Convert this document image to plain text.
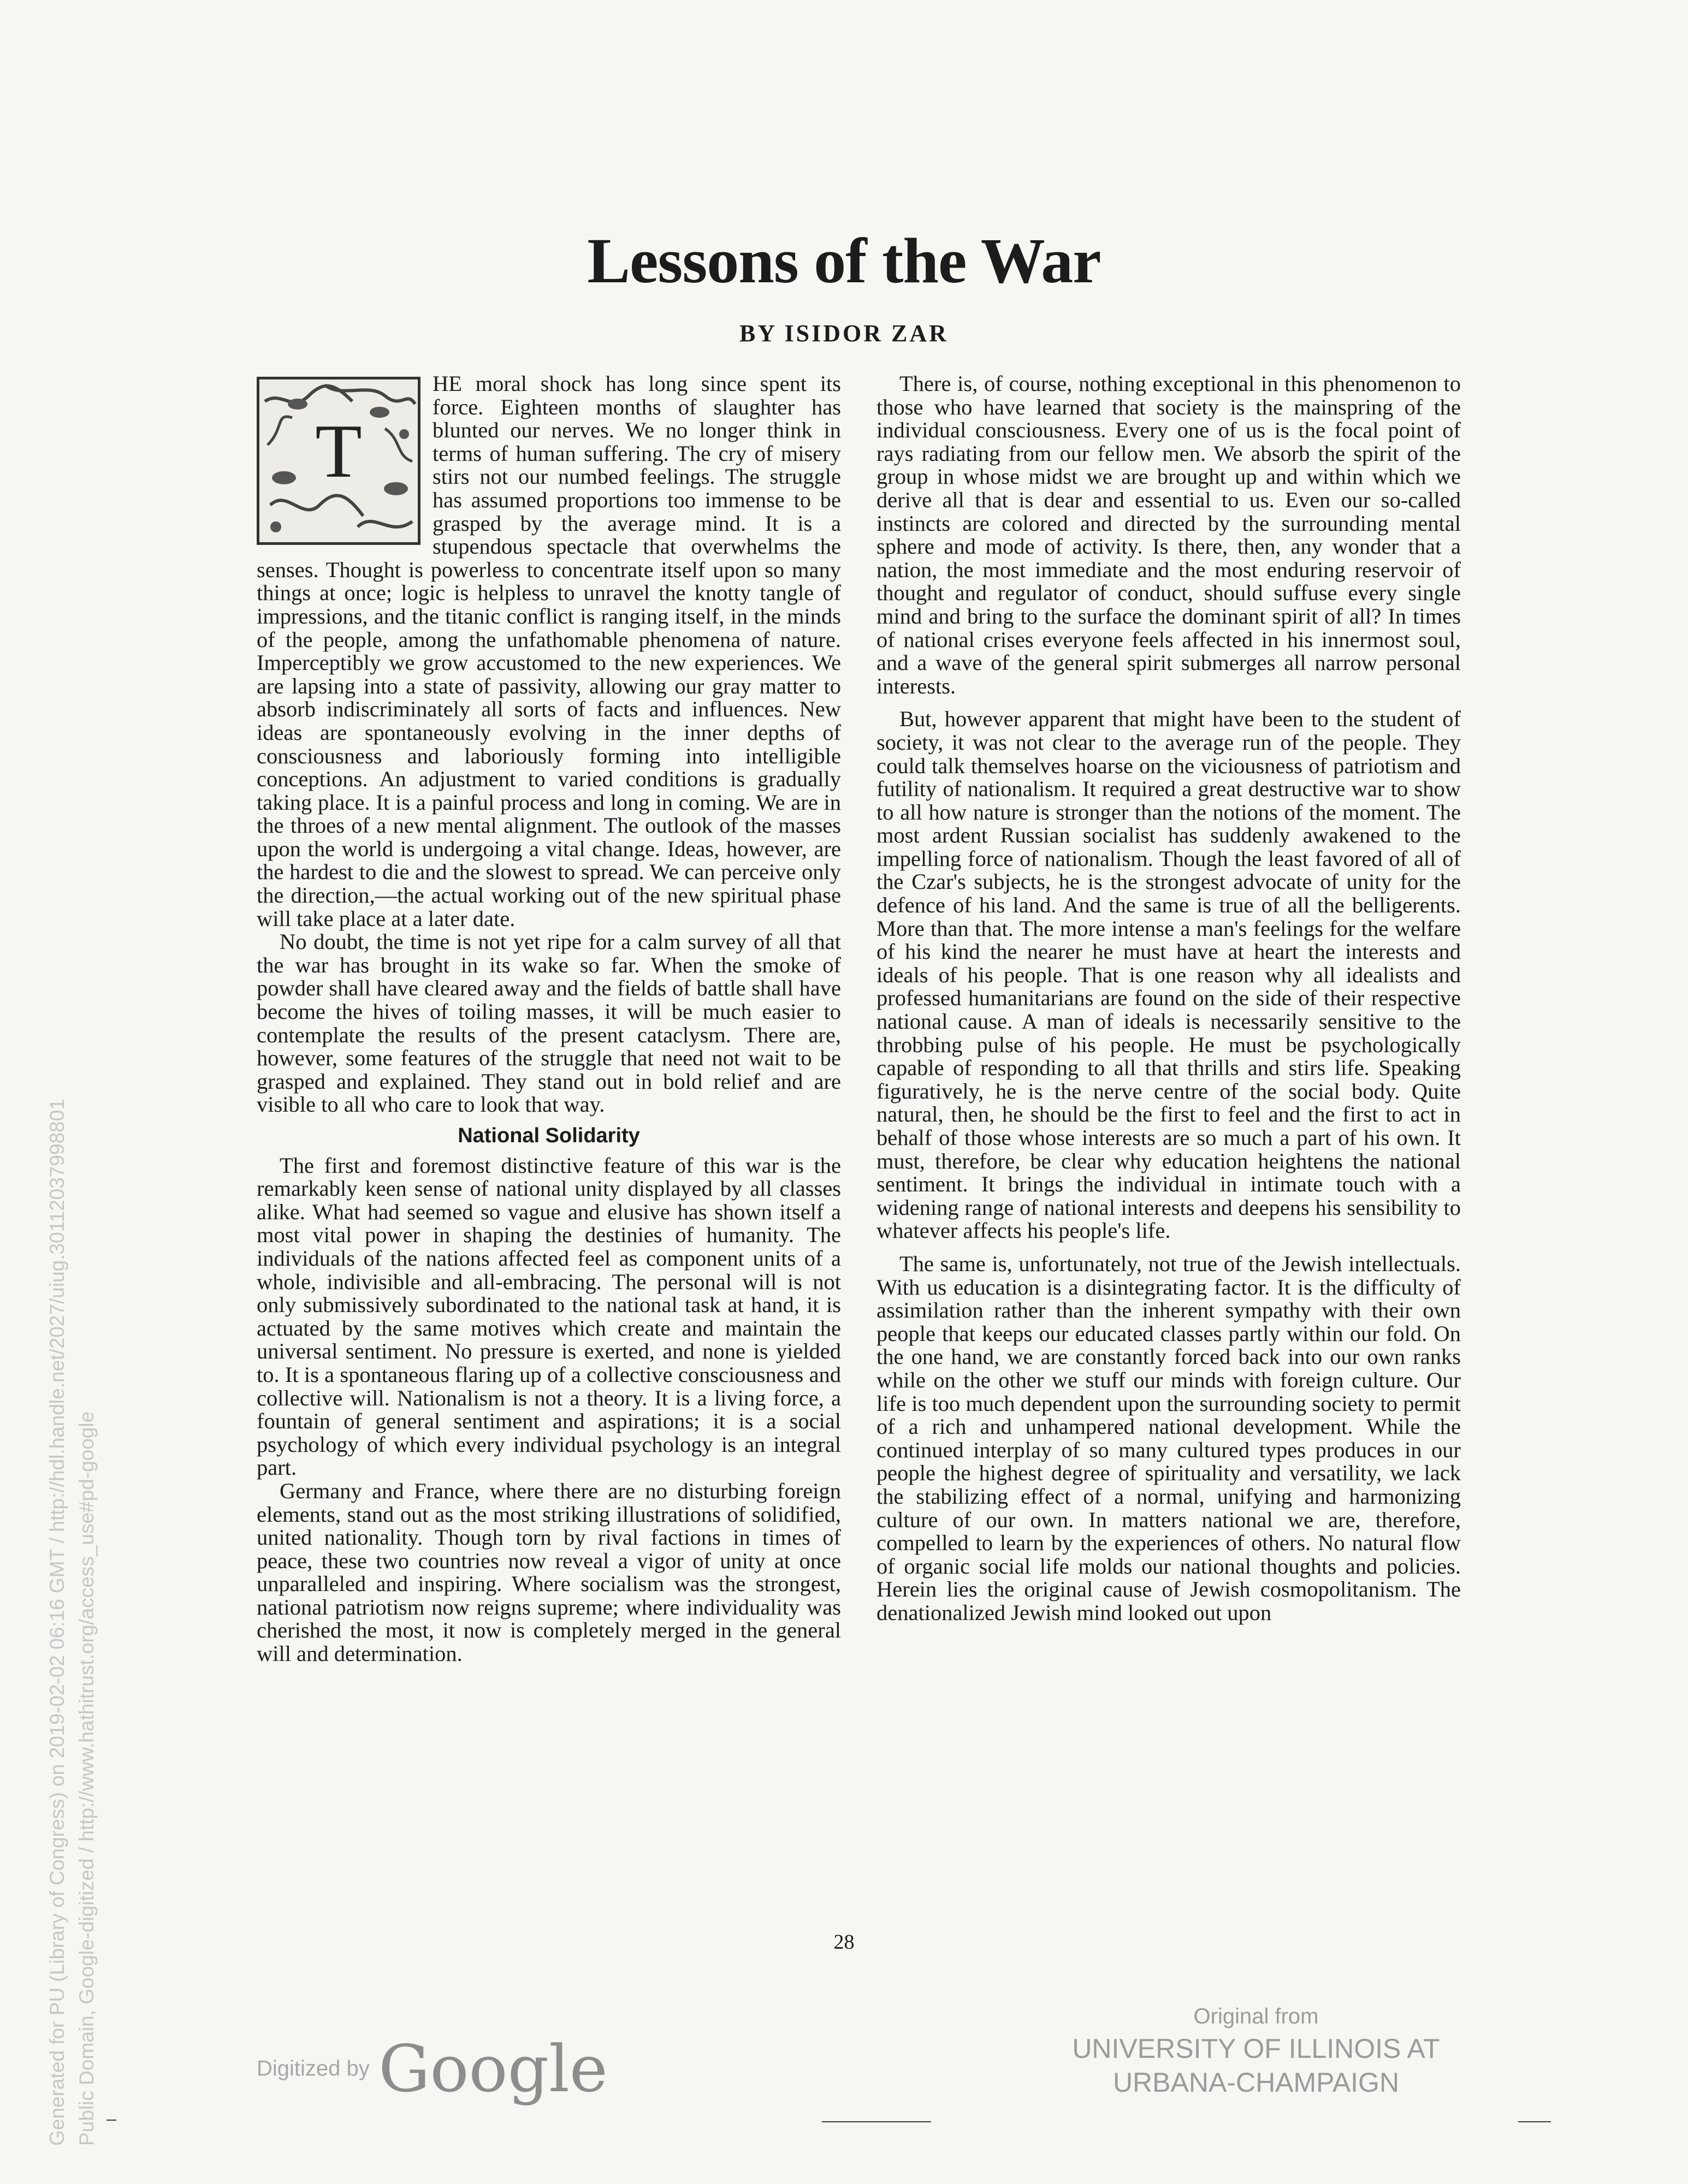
Lessons of the War
BY ISIDOR ZAR
T

HE moral shock has long since spent its force. Eighteen months of slaughter has blunted our nerves. We no longer think in terms of human suffering. The cry of misery stirs not our numbed feelings. The struggle has assumed proportions too immense to be grasped by the average mind. It is a stupendous spectacle that overwhelms the senses. Thought is powerless to concentrate itself upon so many things at once; logic is helpless to unravel the knotty tangle of impressions, and the titanic conflict is ranging itself, in the minds of the people, among the unfathomable phenomena of nature. Imperceptibly we grow accustomed to the new experiences. We are lapsing into a state of passivity, allowing our gray matter to absorb indiscriminately all sorts of facts and influences. New ideas are spontaneously evolving in the inner depths of consciousness and laboriously forming into intelligible conceptions. An adjustment to varied conditions is gradually taking place. It is a painful process and long in coming. We are in the throes of a new mental alignment. The outlook of the masses upon the world is undergoing a vital change. Ideas, however, are the hardest to die and the slowest to spread. We can perceive only the direction,—the actual working out of the new spiritual phase will take place at a later date.

No doubt, the time is not yet ripe for a calm survey of all that the war has brought in its wake so far. When the smoke of powder shall have cleared away and the fields of battle shall have become the hives of toiling masses, it will be much easier to contemplate the results of the present cataclysm. There are, however, some features of the struggle that need not wait to be grasped and explained. They stand out in bold relief and are visible to all who care to look that way.

National Solidarity

The first and foremost distinctive feature of this war is the remarkably keen sense of national unity displayed by all classes alike. What had seemed so vague and elusive has shown itself a most vital power in shaping the destinies of humanity. The individuals of the nations affected feel as component units of a whole, indivisible and all-embracing. The personal will is not only submissively subordinated to the national task at hand, it is actuated by the same motives which create and maintain the universal sentiment. No pressure is exerted, and none is yielded to. It is a spontaneous flaring up of a collective consciousness and collective will. Nationalism is not a theory. It is a living force, a fountain of general sentiment and aspirations; it is a social psychology of which every individual psychology is an integral part.

Germany and France, where there are no disturbing foreign elements, stand out as the most striking illustrations of solidified, united nationality. Though torn by rival factions in times of peace, these two countries now reveal a vigor of unity at once unparalleled and inspiring. Where socialism was the strongest, national patriotism now reigns supreme; where individuality was cherished the most, it now is completely merged in the general will and determination.

There is, of course, nothing exceptional in this phenomenon to those who have learned that society is the mainspring of the individual consciousness. Every one of us is the focal point of rays radiating from our fellow men. We absorb the spirit of the group in whose midst we are brought up and within which we derive all that is dear and essential to us. Even our so-called instincts are colored and directed by the surrounding mental sphere and mode of activity. Is there, then, any wonder that a nation, the most immediate and the most enduring reservoir of thought and regulator of conduct, should suffuse every single mind and bring to the surface the dominant spirit of all? In times of national crises everyone feels affected in his innermost soul, and a wave of the general spirit submerges all narrow personal interests.

But, however apparent that might have been to the student of society, it was not clear to the average run of the people. They could talk themselves hoarse on the viciousness of patriotism and futility of nationalism. It required a great destructive war to show to all how nature is stronger than the notions of the moment. The most ardent Russian socialist has suddenly awakened to the impelling force of nationalism. Though the least favored of all of the Czar's subjects, he is the strongest advocate of unity for the defence of his land. And the same is true of all the belligerents. More than that. The more intense a man's feelings for the welfare of his kind the nearer he must have at heart the interests and ideals of his people. That is one reason why all idealists and professed humanitarians are found on the side of their respective national cause. A man of ideals is necessarily sensitive to the throbbing pulse of his people. He must be psychologically capable of responding to all that thrills and stirs life. Speaking figuratively, he is the nerve centre of the social body. Quite natural, then, he should be the first to feel and the first to act in behalf of those whose interests are so much a part of his own. It must, therefore, be clear why education heightens the national sentiment. It brings the individual in intimate touch with a widening range of national interests and deepens his sensibility to whatever affects his people's life.

The same is, unfortunately, not true of the Jewish intellectuals. With us education is a disintegrating factor. It is the difficulty of assimilation rather than the inherent sympathy with their own people that keeps our educated classes partly within our fold. On the one hand, we are constantly forced back into our own ranks while on the other we stuff our minds with foreign culture. Our life is too much dependent upon the surrounding society to permit of a rich and unhampered national development. While the continued interplay of so many cultured types produces in our people the highest degree of spirituality and versatility, we lack the stabilizing effect of a normal, unifying and harmonizing culture of our own. In matters national we are, therefore, compelled to learn by the experiences of others. No natural flow of organic social life molds our national thoughts and policies. Herein lies the original cause of Jewish cosmopolitanism. The denationalized Jewish mind looked out upon

28
Generated for PU (Library of Congress) on 2019-02-02 06:16 GMT / http://hdl.handle.net/2027/uiug.30112037998801 Public Domain, Google-digitized / http://www.hathitrust.org/access_use#pd-google	Digitized by Google
Original from
UNIVERSITY OF ILLINOIS AT
URBANA-CHAMPAIGN
